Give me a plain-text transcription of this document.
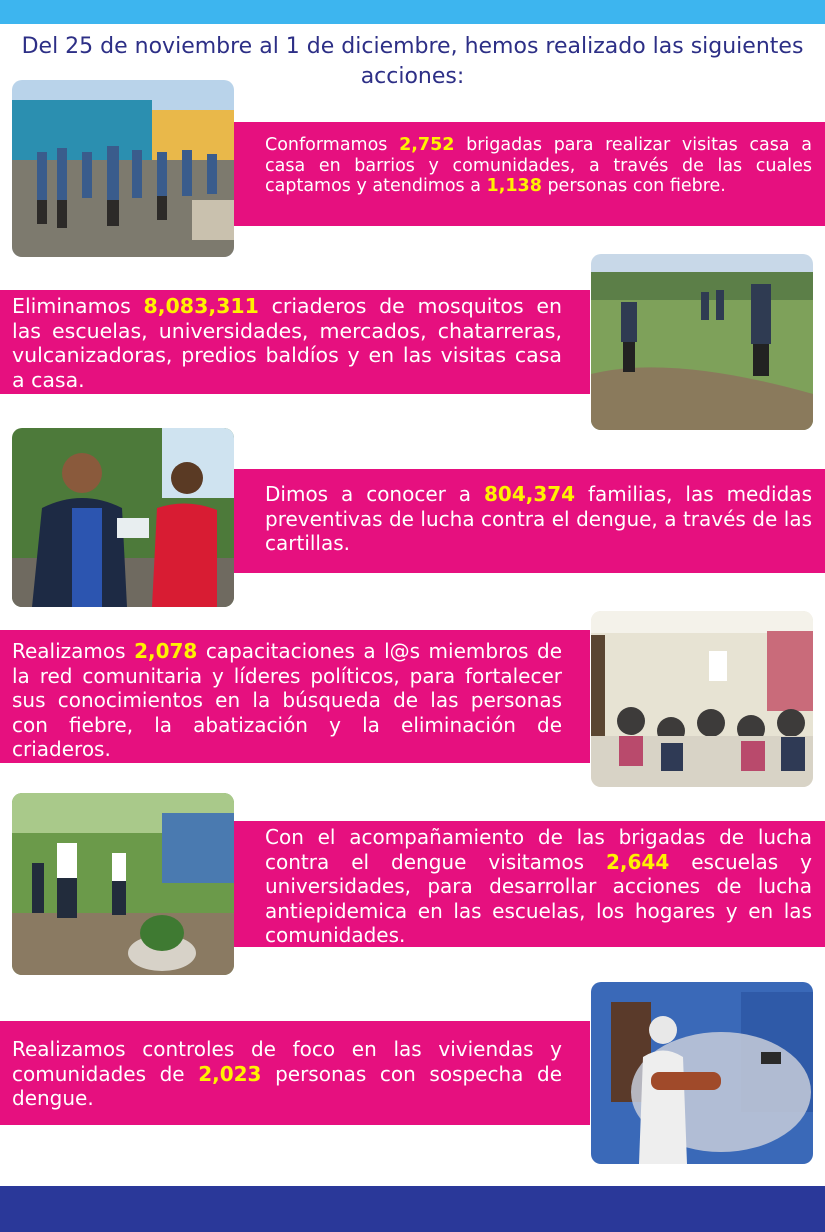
Del 25 de noviembre al 1 de diciembre, hemos realizado las siguientes acciones:

Conformamos 2,752 brigadas para realizar visitas casa a casa en barrios y comunidades, a través de las cuales captamos y atendimos a 1,138 personas con fiebre.

Eliminamos 8,083,311 criaderos de mosquitos en las escuelas, universidades, mercados, chatarreras, vulcanizadoras, predios baldíos y en las visitas casa a casa.

Dimos a conocer a 804,374 familias, las medidas preventivas de lucha contra el dengue, a través de las cartillas.

Realizamos 2,078 capacitaciones a l@s miembros de la red comunitaria y líderes políticos, para fortalecer sus conocimientos en la búsqueda de las personas con fiebre, la abatización y la eliminación de criaderos.

Con el acompañamiento de las brigadas de lucha contra el dengue visitamos 2,644 escuelas y universidades, para desarrollar acciones de lucha antiepidemica en las escuelas, los hogares y en las comunidades.

Realizamos controles de foco en las viviendas y comunidades de 2,023 personas con sospecha de dengue.
